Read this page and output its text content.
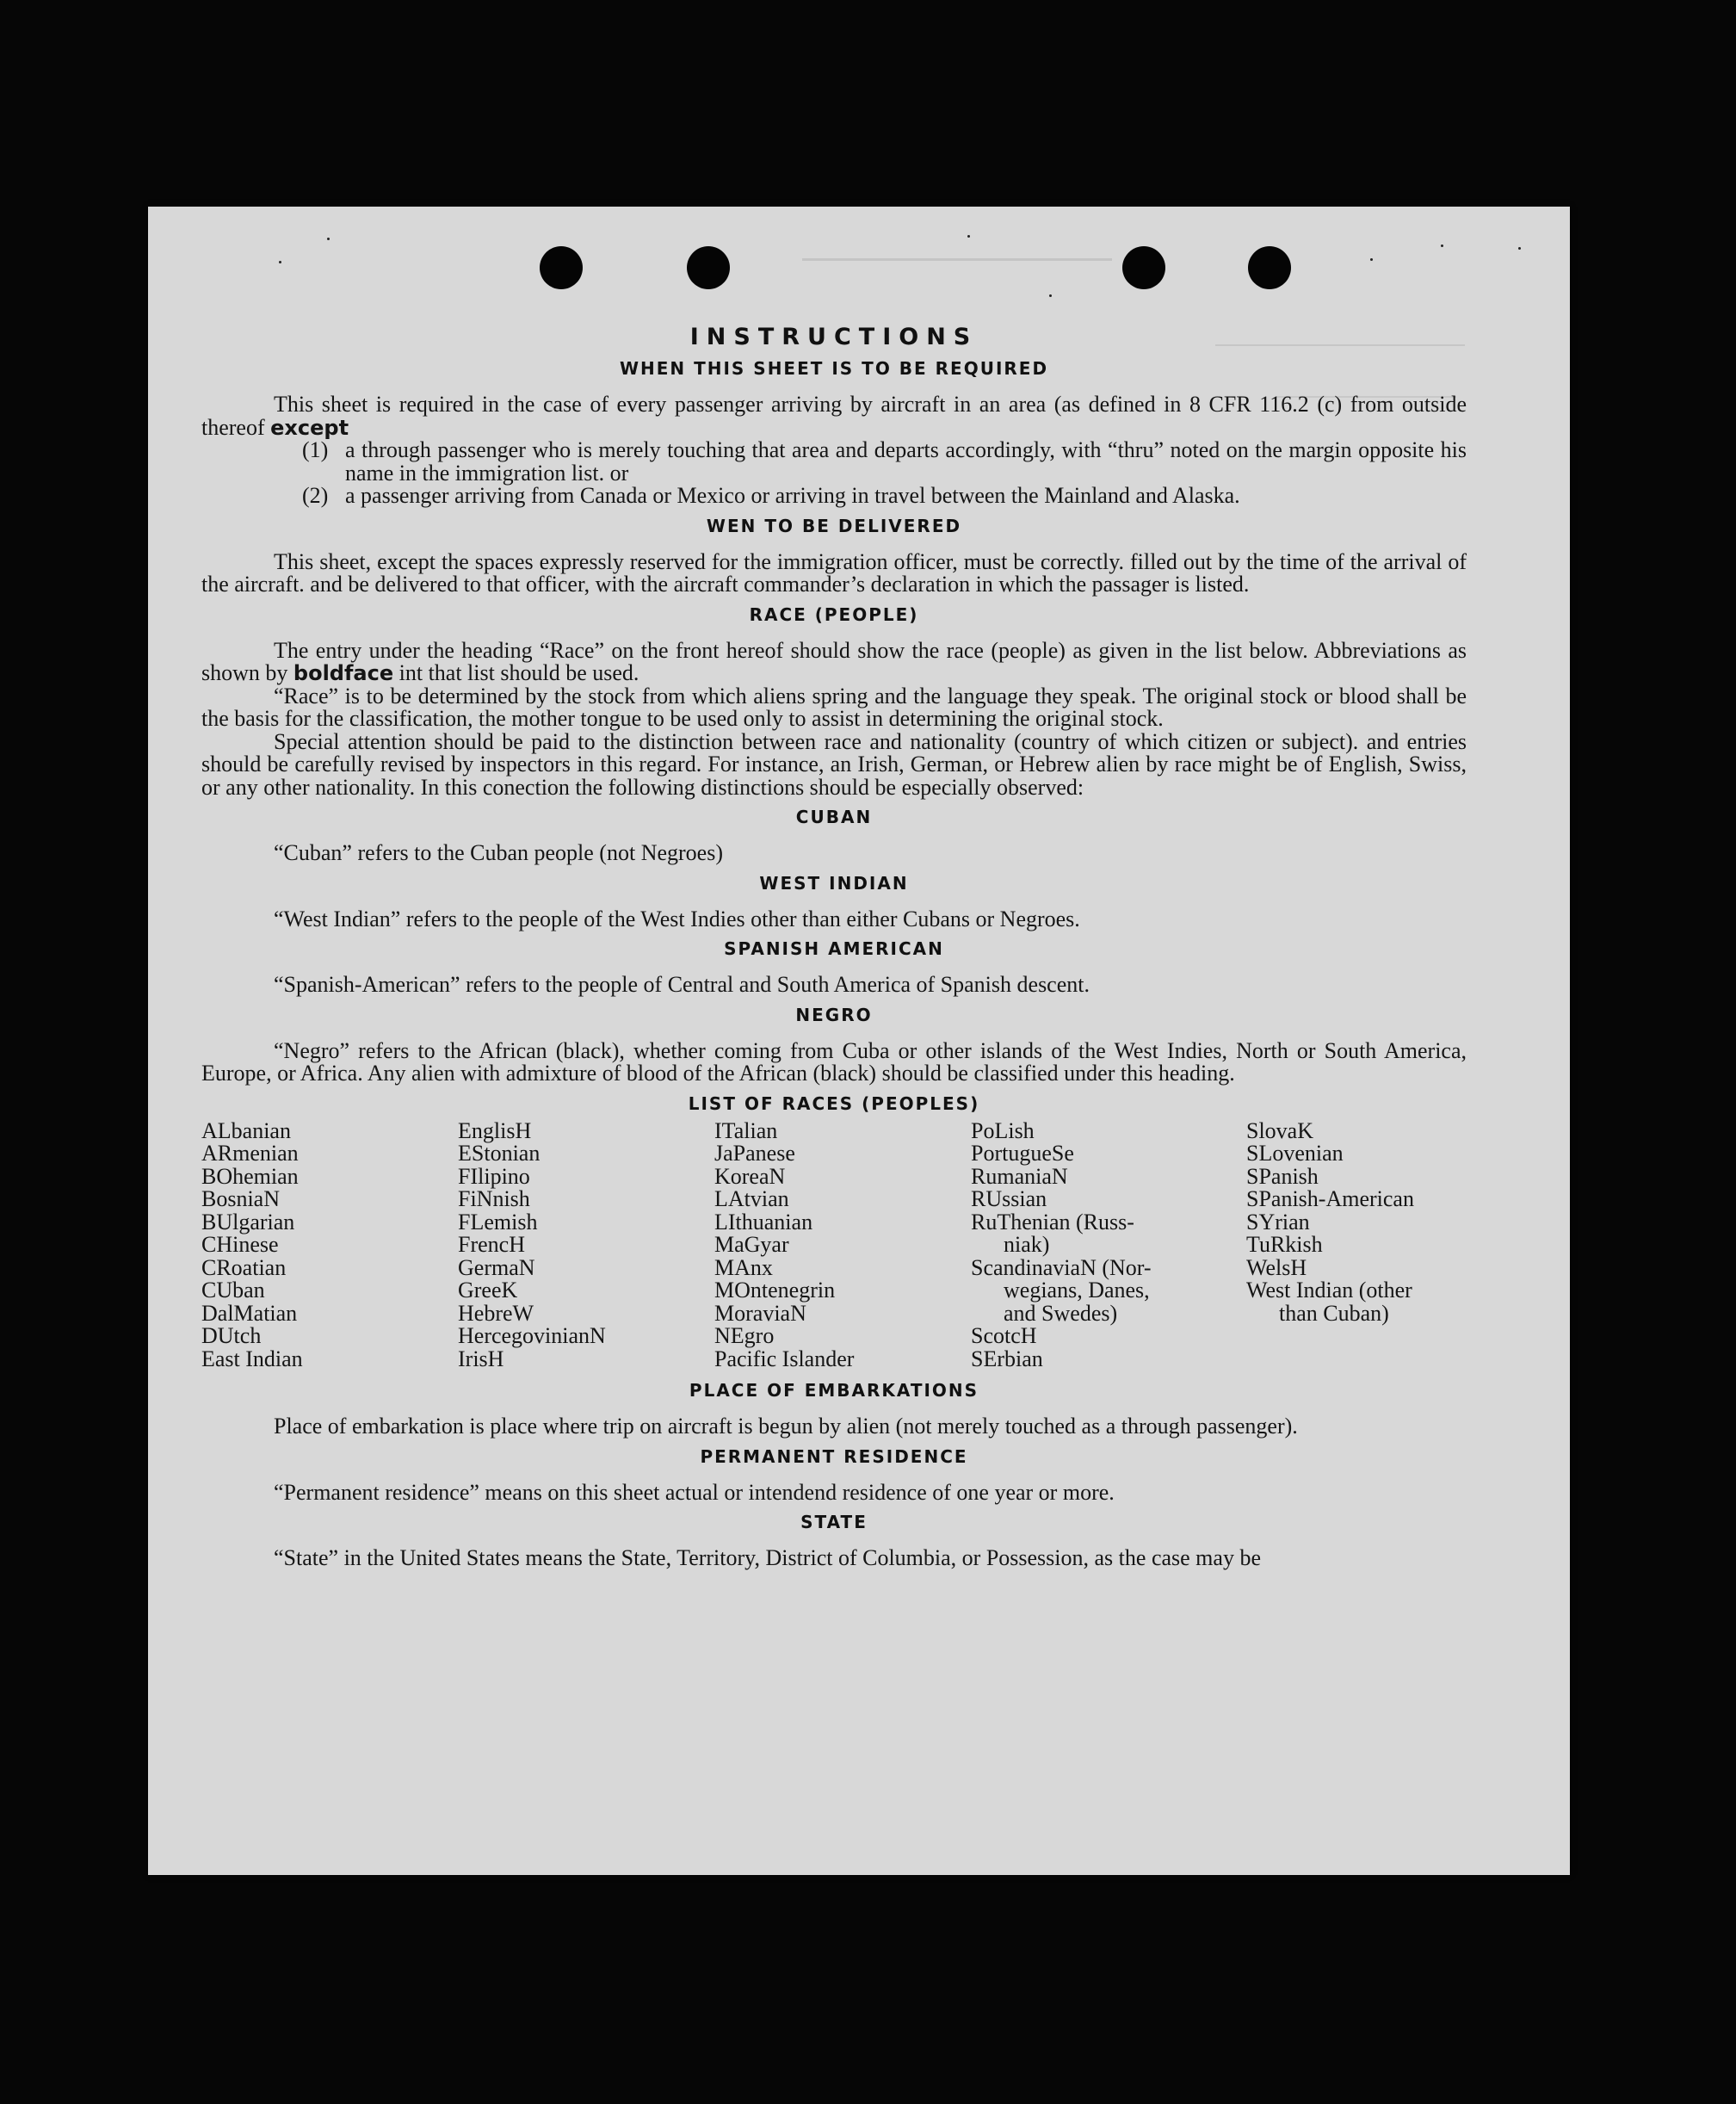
INSTRUCTIONS
WHEN THIS SHEET IS TO BE REQUIRED

This sheet is required in the case of every passenger arriving by aircraft in an area (as defined in 8 CFR 116.2 (c) from outside thereof except

(1) a through passenger who is merely touching that area and departs accordingly, with “thru” noted on the margin opposite his name in the immigration list. or
(2) a passenger arriving from Canada or Mexico or arriving in travel between the Mainland and Alaska.
WEN TO BE DELIVERED

This sheet, except the spaces expressly reserved for the immigration officer, must be correctly. filled out by the time of the arrival of the aircraft. and be delivered to that officer, with the aircraft commander’s declaration in which the passager is listed.

RACE (PEOPLE)

The entry under the heading “Race” on the front hereof should show the race (people) as given in the list below. Abbreviations as shown by boldface int that list should be used.

“Race” is to be determined by the stock from which aliens spring and the language they speak. The original stock or blood shall be the basis for the classification, the mother tongue to be used only to assist in determining the original stock.

Special attention should be paid to the distinction between race and nationality (country of which citizen or subject). and entries should be carefully revised by inspectors in this regard. For instance, an Irish, German, or Hebrew alien by race might be of English, Swiss, or any other nationality. In this conection the following distinctions should be especially observed:

CUBAN

“Cuban” refers to the Cuban people (not Negroes)

WEST INDIAN

“West Indian” refers to the people of the West Indies other than either Cubans or Negroes.

SPANISH AMERICAN

“Spanish-American” refers to the people of Central and South America of Spanish descent.

NEGRO

“Negro” refers to the African (black), whether coming from Cuba or other islands of the West Indies, North or South America, Europe, or Africa. Any alien with admixture of blood of the African (black) should be classified under this heading.

LIST OF RACES (PEOPLES)
ALbanian
ARmenian
BOhemian
BosniaN
BUlgarian
CHinese
CRoatian
CUban
DalMatian
DUtch
East Indian
EnglisH
EStonian
FIlipino
FiNnish
FLemish
FrencH
GermaN
GreeK
HebreW
HercegovinianN
IrisH
ITalian
JaPanese
KoreaN
LAtvian
LIthuanian
MaGyar
MAnx
MOntenegrin
MoraviaN
NEgro
Pacific Islander
PoLish
PortugueSe
RumaniaN
RUssian
RuThenian (Russ-
niak)
ScandinaviaN (Nor-
wegians, Danes,
and Swedes)
ScotcH
SErbian
SlovaK
SLovenian
SPanish
SPanish-American
SYrian
TuRkish
WelsH
West Indian (other
than Cuban)
PLACE OF EMBARKATIONS

Place of embarkation is place where trip on aircraft is begun by alien (not merely touched as a through passenger).

PERMANENT RESIDENCE

“Permanent residence” means on this sheet actual or intendend residence of one year or more.

STATE

“State” in the United States means the State, Territory, District of Columbia, or Possession, as the case may be
